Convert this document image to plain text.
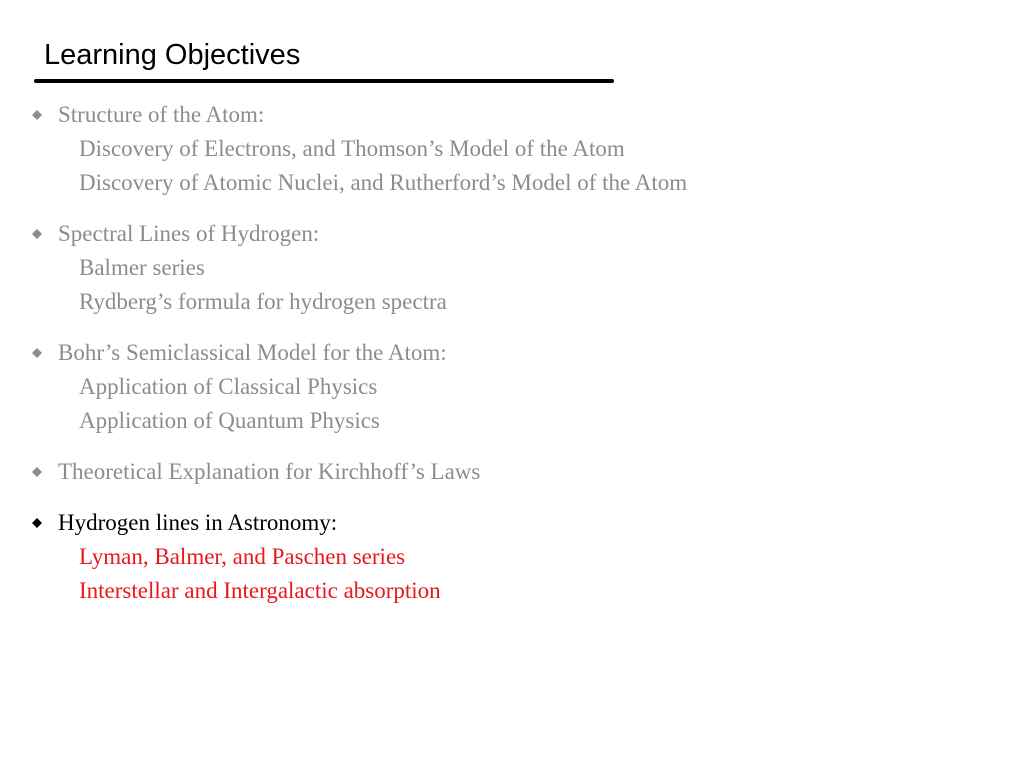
Learning Objectives
Structure of the Atom:
Discovery of Electrons, and Thomson’s Model of the Atom
Discovery of Atomic Nuclei, and Rutherford’s Model of the Atom
Spectral Lines of Hydrogen:
Balmer series
Rydberg’s formula for hydrogen spectra
Bohr’s Semiclassical Model for the Atom:
Application of Classical Physics
Application of Quantum Physics
Theoretical Explanation for Kirchhoff’s Laws
Hydrogen lines in Astronomy:
Lyman, Balmer, and Paschen series
Interstellar and Intergalactic absorption
